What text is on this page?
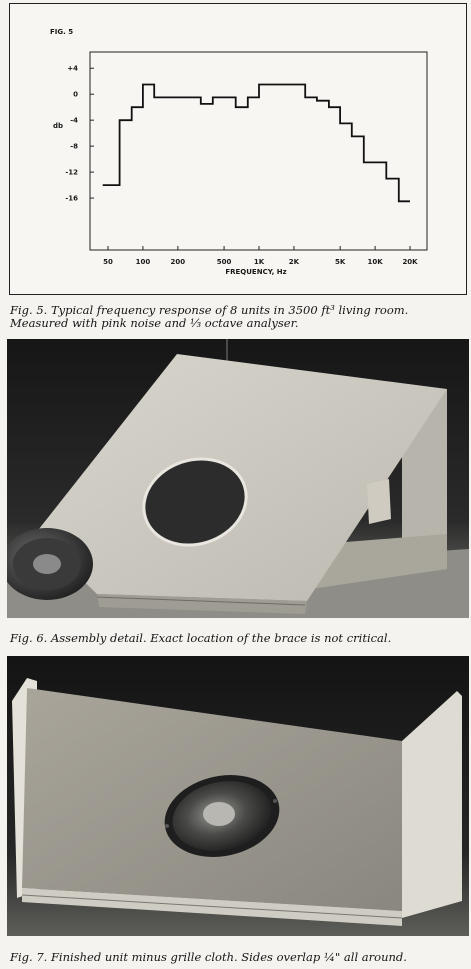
FIG. 5
+4
0
-4
-8
-12
-16
50	100	200	500	1K	2K	5K	10K	20K
db
FREQUENCY, Hz
Fig. 5. Typical frequency response of 8 units in 3500 ft³ living room. Measured with pink noise and ⅓ octave analyser.
Fig. 6. Assembly detail. Exact location of the brace is not critical.
Fig. 7. Finished unit minus grille cloth. Sides overlap ¼" all around.
